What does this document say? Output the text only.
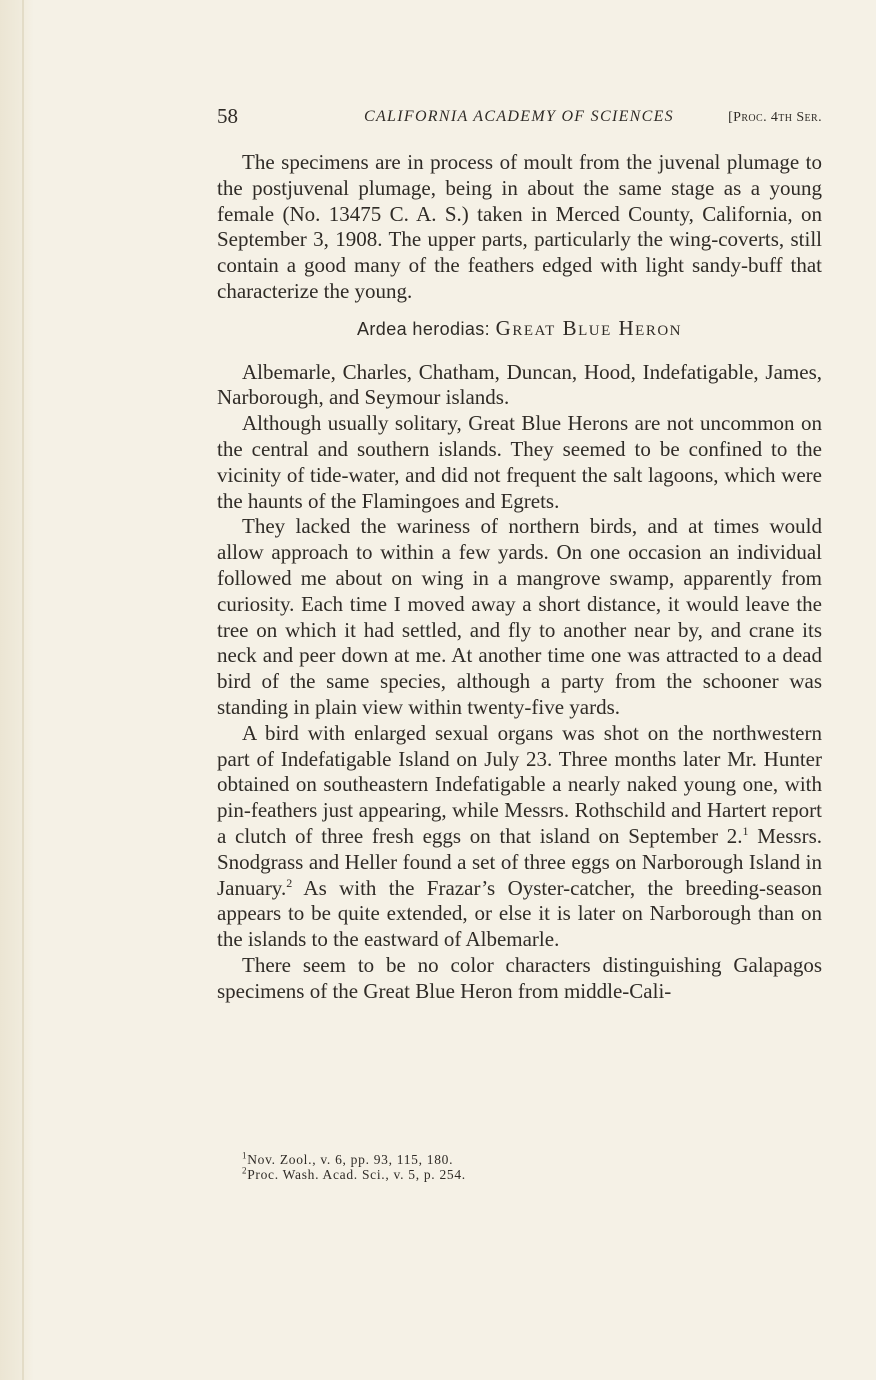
58	CALIFORNIA ACADEMY OF SCIENCES	[Proc. 4th Ser.

The specimens are in process of moult from the juvenal plumage to the postjuvenal plumage, being in about the same stage as a young female (No. 13475 C. A. S.) taken in Merced County, California, on September 3, 1908. The upper parts, particularly the wing-coverts, still contain a good many of the feathers edged with light sandy-buff that characterize the young.

Ardea herodias: Great Blue Heron

Albemarle, Charles, Chatham, Duncan, Hood, Indefatigable, James, Narborough, and Seymour islands.

Although usually solitary, Great Blue Herons are not uncommon on the central and southern islands. They seemed to be confined to the vicinity of tide-water, and did not frequent the salt lagoons, which were the haunts of the Flamingoes and Egrets.

They lacked the wariness of northern birds, and at times would allow approach to within a few yards. On one occasion an individual followed me about on wing in a mangrove swamp, apparently from curiosity. Each time I moved away a short distance, it would leave the tree on which it had settled, and fly to another near by, and crane its neck and peer down at me. At another time one was attracted to a dead bird of the same species, although a party from the schooner was standing in plain view within twenty-five yards.

A bird with enlarged sexual organs was shot on the northwestern part of Indefatigable Island on July 23. Three months later Mr. Hunter obtained on southeastern Indefatigable a nearly naked young one, with pin-feathers just appearing, while Messrs. Rothschild and Hartert report a clutch of three fresh eggs on that island on September 2.$^1$ Messrs. Snodgrass and Heller found a set of three eggs on Narborough Island in January.$^2$ As with the Frazar’s Oyster-catcher, the breeding-season appears to be quite extended, or else it is later on Narborough than on the islands to the eastward of Albemarle.

There seem to be no color characters distinguishing Galapagos specimens of the Great Blue Heron from middle-Cali-

$^1$Nov. Zool., v. 6, pp. 93, 115, 180.
$^2$Proc. Wash. Acad. Sci., v. 5, p. 254.
